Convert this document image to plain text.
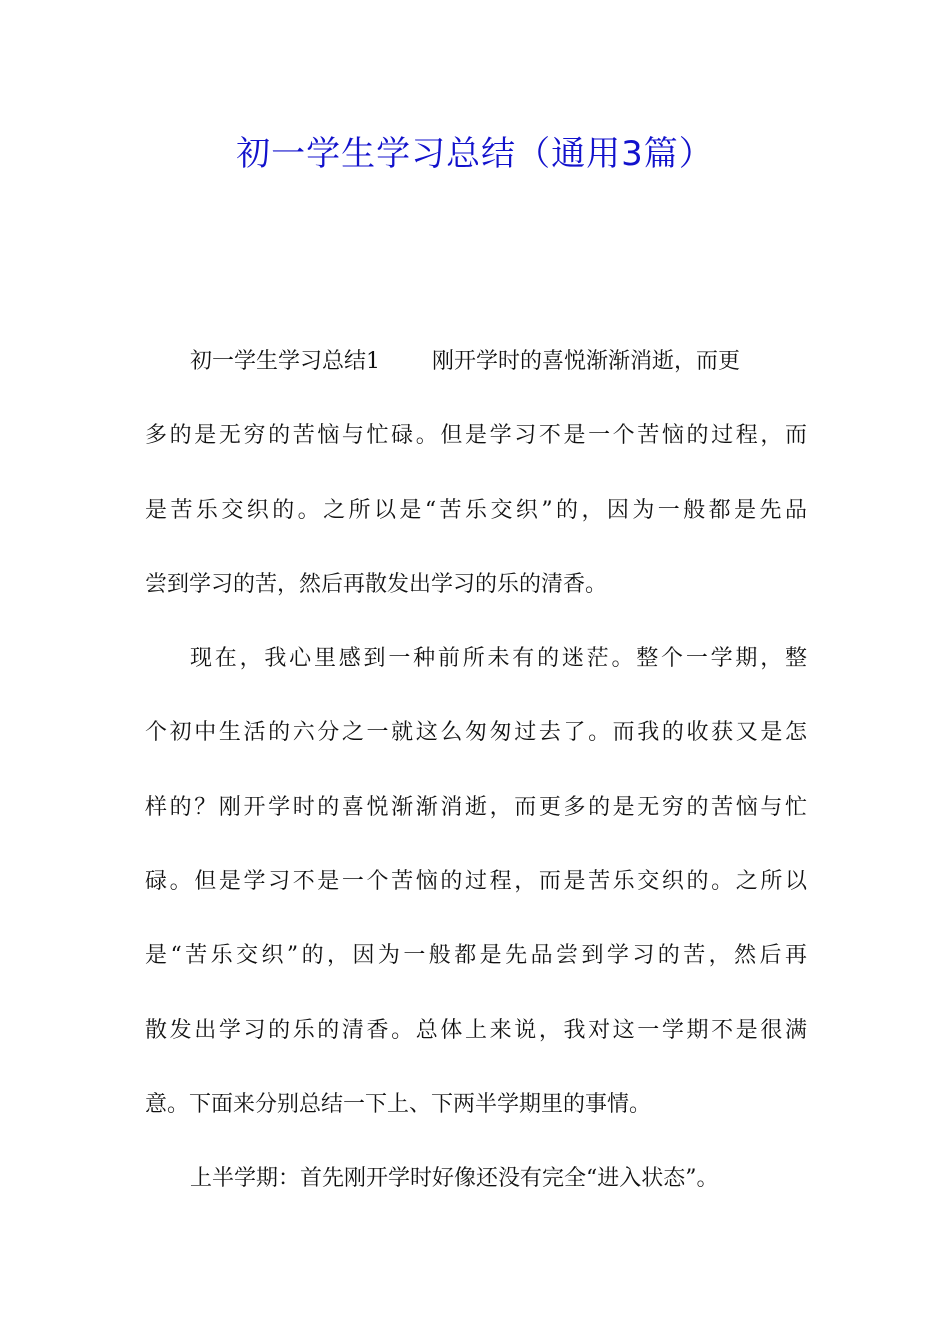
初一学生学习总结（通用3篇）
初一学生学习总结1 刚开学时的喜悦渐渐消逝，而更
多的是无穷的苦恼与忙碌。但是学习不是一个苦恼的过程，而
是苦乐交织的。之所以是“苦乐交织”的，因为一般都是先品
尝到学习的苦，然后再散发出学习的乐的清香。
现在，我心里感到一种前所未有的迷茫。整个一学期，整
个初中生活的六分之一就这么匆匆过去了。而我的收获又是怎
样的？刚开学时的喜悦渐渐消逝，而更多的是无穷的苦恼与忙
碌。但是学习不是一个苦恼的过程，而是苦乐交织的。之所以
是“苦乐交织”的，因为一般都是先品尝到学习的苦，然后再
散发出学习的乐的清香。总体上来说，我对这一学期不是很满
意。下面来分别总结一下上、下两半学期里的事情。
上半学期：首先刚开学时好像还没有完全“进入状态”。
